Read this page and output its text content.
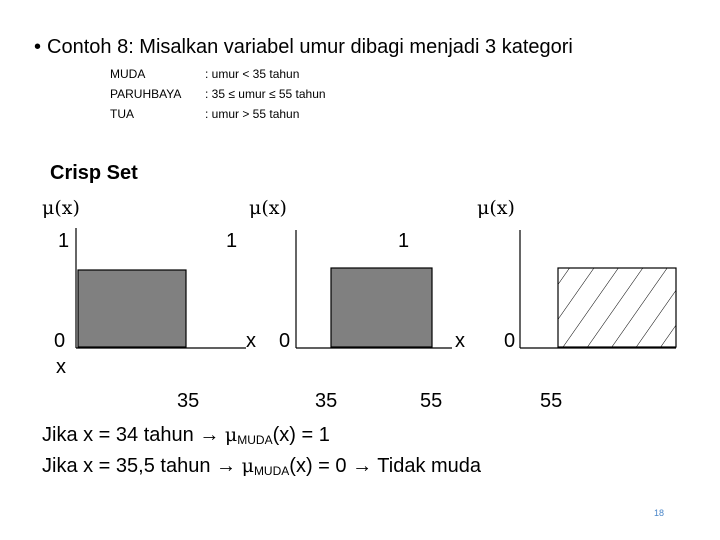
• Contoh 8: Misalkan variabel umur dibagi menjadi 3 kategori
MUDA
PARUHBAYA
TUA
: umur < 35 tahun
: 35 ≤ umur ≤ 55 tahun
: umur > 55 tahun
Crisp Set
μ(x)
1
0
x
35
μ(x)
1
0
x
35	55
μ(x)
1
0
x
55
Jika x = 34 tahun → $\mu_{MUDA}(x) = 1$
Jika x = 35,5 tahun → $\mu_{MUDA}(x) = 0$ → Tidak muda
18
